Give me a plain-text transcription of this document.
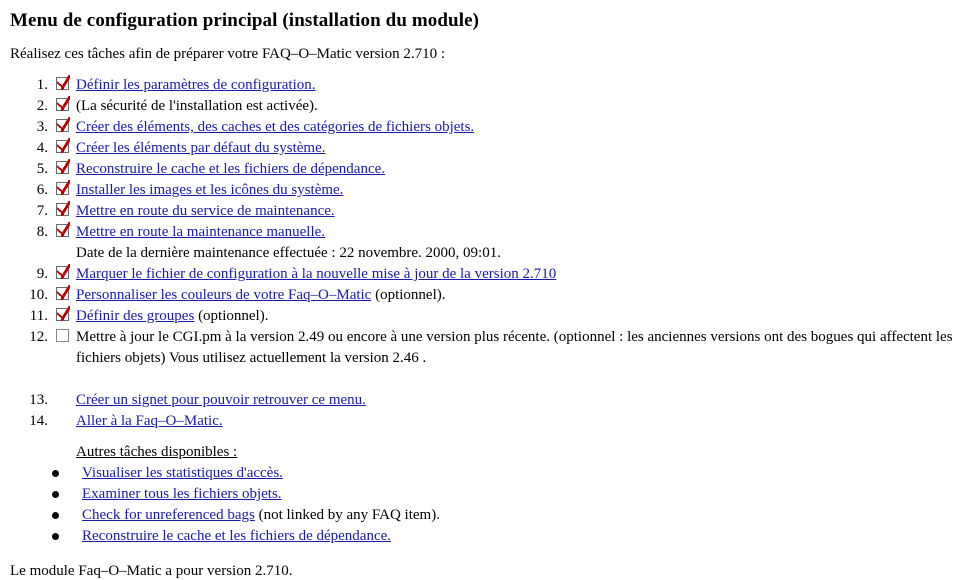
Menu de configuration principal (installation du module)

Réalisez ces tâches afin de préparer votre FAQ–O–Matic version 2.710 :

1. Définir les paramètres de configuration.
2. (La sécurité de l'installation est activée).
3. Créer des éléments, des caches et des catégories de fichiers objets.
4. Créer les éléments par défaut du système.
5. Reconstruire le cache et les fichiers de dépendance.
6. Installer les images et les icônes du système.
7. Mettre en route du service de maintenance.
8. Mettre en route la maintenance manuelle.
Date de la dernière maintenance effectuée : 22 novembre. 2000, 09:01.
9. Marquer le fichier de configuration à la nouvelle mise à jour de la version 2.710
10. Personnaliser les couleurs de votre Faq–O–Matic (optionnel).
11. Définir des groupes (optionnel).
12. Mettre à jour le CGI.pm à la version 2.49 ou encore à une version plus récente. (optionnel : les anciennes versions ont des bogues qui affectent les fichiers objets) Vous utilisez actuellement la version 2.46 .
13. Créer un signet pour pouvoir retrouver ce menu.
14. Aller à la Faq–O–Matic.
Autres tâches disponibles :
Visualiser les statistiques d'accès.
Examiner tous les fichiers objets.
Check for unreferenced bags (not linked by any FAQ item).
Reconstruire le cache et les fichiers de dépendance.

Le module Faq–O–Matic a pour version 2.710.
